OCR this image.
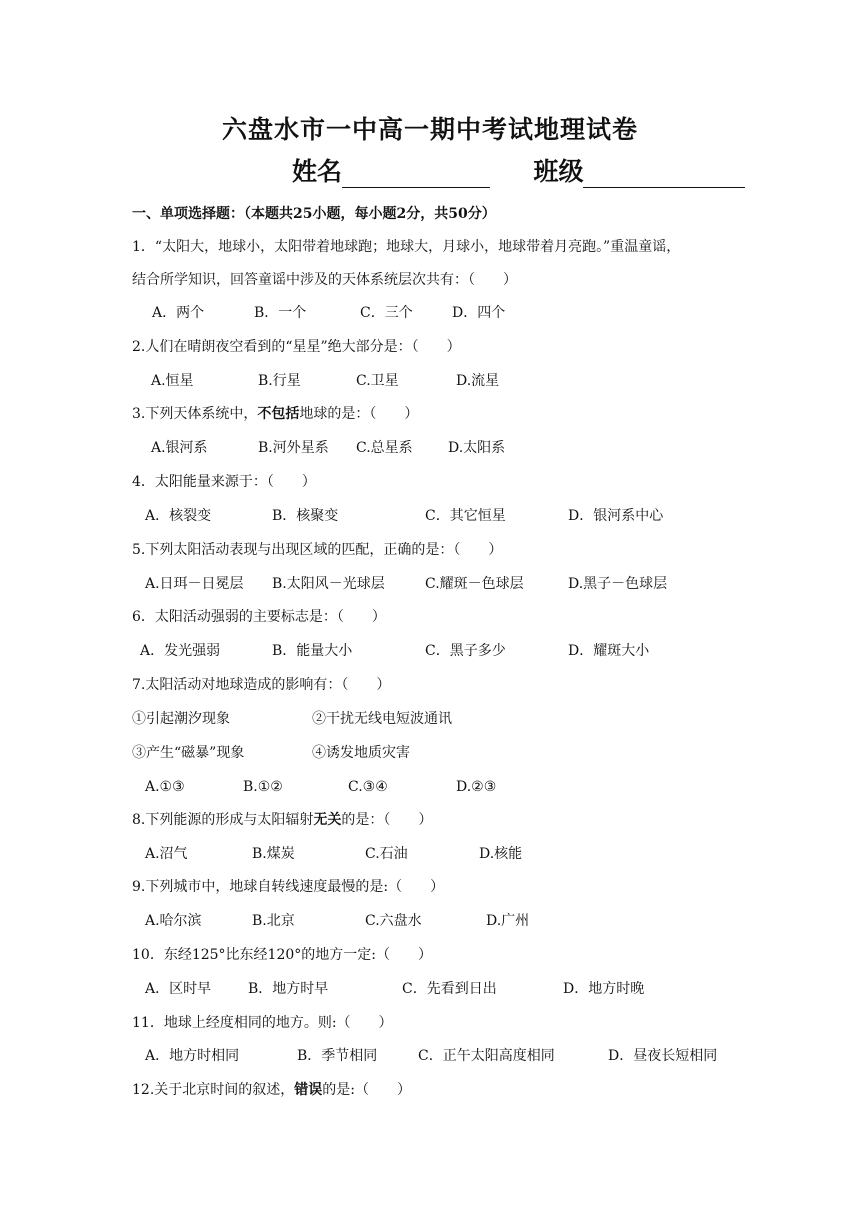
六盘水市一中高一期中考试地理试卷
姓名	班级
一、单项选择题：（本题共25小题，每小题2分，共50分）
1．“太阳大，地球小，太阳带着地球跑；地球大，月球小，地球带着月亮跑。”重温童谣，
结合所学知识，回答童谣中涉及的天体系统层次共有：（　　）
A．两个	B．一个	C．三个	D．四个
2.人们在晴朗夜空看到的“星星”绝大部分是：（　　）
A.恒星	B.行星	C.卫星	D.流星
3.下列天体系统中，不包括地球的是：（　　）
A.银河系	B.河外星系 C.总星系	D.太阳系
4．太阳能量来源于：（　　）
A．核裂变	B．核聚变	C．其它恒星	D．银河系中心
5.下列太阳活动表现与出现区域的匹配，正确的是：（　　）
A.日珥－日冕层 B.太阳风－光球层	C.耀斑－色球层	D.黑子－色球层
6．太阳活动强弱的主要标志是：（　　）
A．发光强弱	B．能量大小	C．黑子多少	D．耀斑大小
7.太阳活动对地球造成的影响有：（　　）
①引起潮汐现象	②干扰无线电短波通讯
③产生“磁暴”现象	④诱发地质灾害
A.①③	B.①②	C.③④	D.②③
8.下列能源的形成与太阳辐射无关的是：（　　）
A.沼气	B.煤炭	C.石油	D.核能
9.下列城市中，地球自转线速度最慢的是:（　　）
A.哈尔滨	B.北京	C.六盘水	D.广州
10．东经125°比东经120°的地方一定:（　　）
A．区时早	B．地方时早	C．先看到日出	D．地方时晚
11．地球上经度相同的地方。则:（　　）
A．地方时相同	B．季节相同	C．正午太阳高度相同	D．昼夜长短相同
12.关于北京时间的叙述，错误的是:（　　）
